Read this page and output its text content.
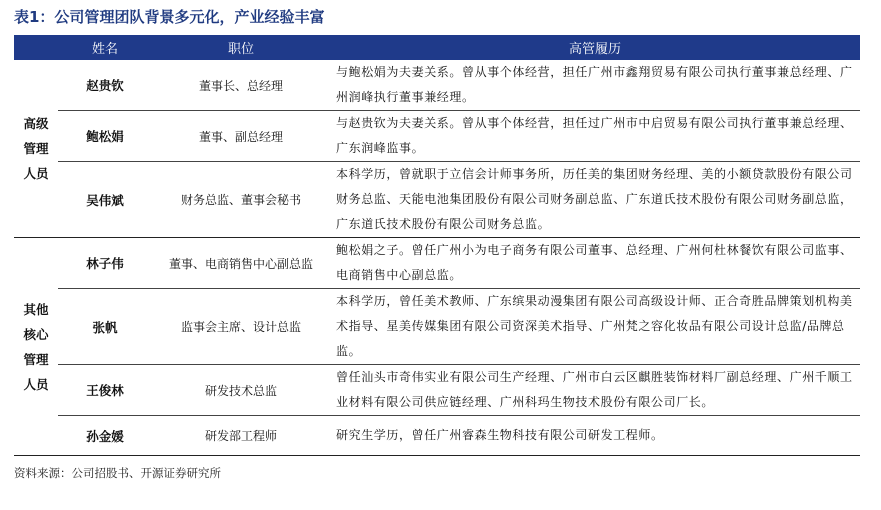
表1：公司管理团队背景多元化，产业经验丰富
	姓名	职位	高管履历
高级管理人员	赵贵钦	董事长、总经理	与鲍松娟为夫妻关系。曾从事个体经营，担任广州市鑫翔贸易有限公司执行董事兼总经理、广州润峰执行董事兼经理。
	鲍松娟	董事、副总经理	与赵贵钦为夫妻关系。曾从事个体经营，担任过广州市中启贸易有限公司执行董事兼总经理、广东润峰监事。
	吴伟斌	财务总监、董事会秘书	本科学历，曾就职于立信会计师事务所，历任美的集团财务经理、美的小额贷款股份有限公司财务总监、天能电池集团股份有限公司财务副总监、广东道氏技术股份有限公司财务副总监，广东道氏技术股份有限公司财务总监。
其他核心管理人员	林子伟	董事、电商销售中心副总监	鲍松娟之子。曾任广州小为电子商务有限公司董事、总经理、广州何杜林餐饮有限公司监事、电商销售中心副总监。
	张帆	监事会主席、设计总监	本科学历，曾任美术教师、广东缤果动漫集团有限公司高级设计师、正合奇胜品牌策划机构美术指导、星美传媒集团有限公司资深美术指导、广州梵之容化妆品有限公司设计总监/品牌总监。
	王俊林	研发技术总监	曾任汕头市奇伟实业有限公司生产经理、广州市白云区麒胜装饰材料厂副总经理、广州千顺工业材料有限公司供应链经理、广州科玛生物技术股份有限公司厂长。
	孙金媛	研发部工程师	研究生学历，曾任广州睿森生物科技有限公司研发工程师。
资料来源：公司招股书、开源证券研究所
